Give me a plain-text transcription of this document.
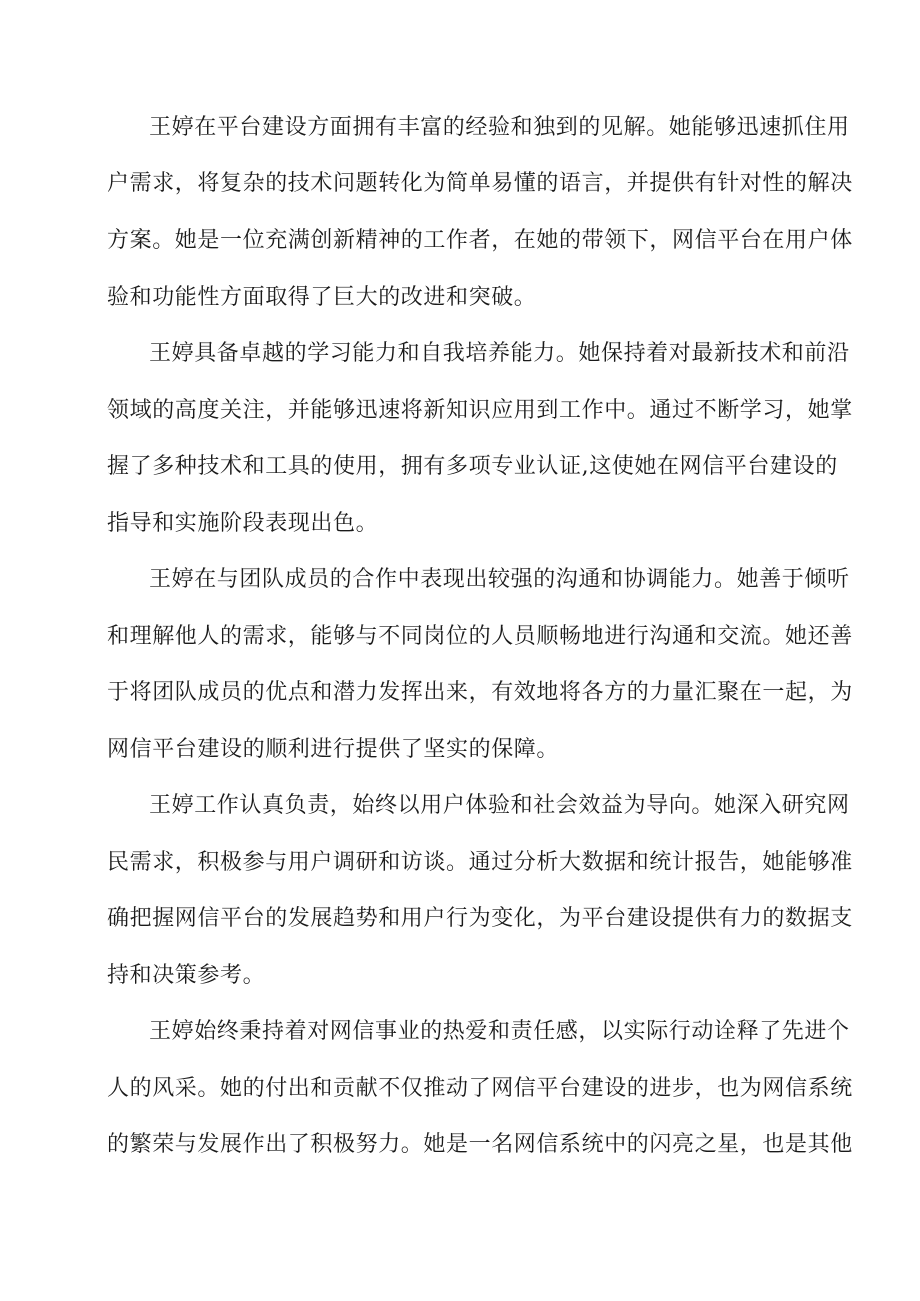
王婷在平台建设方面拥有丰富的经验和独到的见解。她能够迅速抓住用
户需求，将复杂的技术问题转化为简单易懂的语言，并提供有针对性的解决
方案。她是一位充满创新精神的工作者，在她的带领下，网信平台在用户体
验和功能性方面取得了巨大的改进和突破。
王婷具备卓越的学习能力和自我培养能力。她保持着对最新技术和前沿
领域的高度关注，并能够迅速将新知识应用到工作中。通过不断学习，她掌
握了多种技术和工具的使用，拥有多项专业认证,这使她在网信平台建设的
指导和实施阶段表现出色。
王婷在与团队成员的合作中表现出较强的沟通和协调能力。她善于倾听
和理解他人的需求，能够与不同岗位的人员顺畅地进行沟通和交流。她还善
于将团队成员的优点和潜力发挥出来，有效地将各方的力量汇聚在一起，为
网信平台建设的顺利进行提供了坚实的保障。
王婷工作认真负责，始终以用户体验和社会效益为导向。她深入研究网
民需求，积极参与用户调研和访谈。通过分析大数据和统计报告，她能够准
确把握网信平台的发展趋势和用户行为变化，为平台建设提供有力的数据支
持和决策参考。
王婷始终秉持着对网信事业的热爱和责任感，以实际行动诠释了先进个
人的风采。她的付出和贡献不仅推动了网信平台建设的进步，也为网信系统
的繁荣与发展作出了积极努力。她是一名网信系统中的闪亮之星，也是其他
